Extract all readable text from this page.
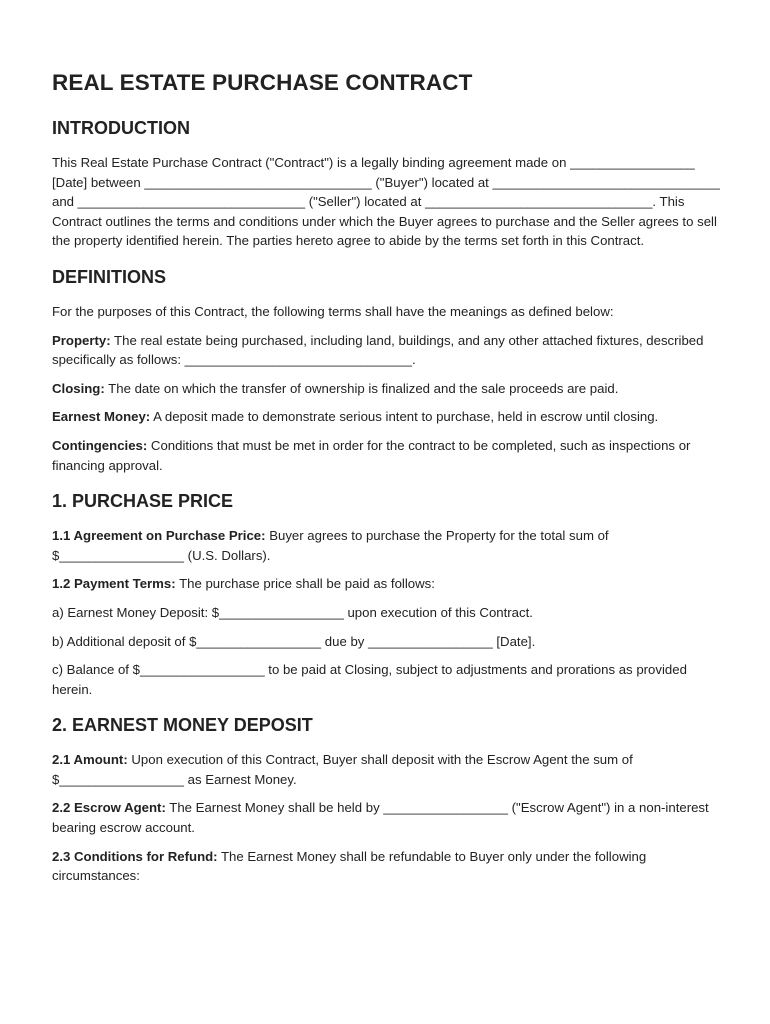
REAL ESTATE PURCHASE CONTRACT
INTRODUCTION

This Real Estate Purchase Contract ("Contract") is a legally binding agreement made on _________________ [Date] between _______________________________ ("Buyer") located at _______________________________ and _______________________________ ("Seller") located at _______________________________. This Contract outlines the terms and conditions under which the Buyer agrees to purchase and the Seller agrees to sell the property identified herein. The parties hereto agree to abide by the terms set forth in this Contract.

DEFINITIONS

For the purposes of this Contract, the following terms shall have the meanings as defined below:

Property: The real estate being purchased, including land, buildings, and any other attached fixtures, described specifically as follows: _______________________________.

Closing: The date on which the transfer of ownership is finalized and the sale proceeds are paid.

Earnest Money: A deposit made to demonstrate serious intent to purchase, held in escrow until closing.

Contingencies: Conditions that must be met in order for the contract to be completed, such as inspections or financing approval.

1. PURCHASE PRICE

1.1 Agreement on Purchase Price: Buyer agrees to purchase the Property for the total sum of $_________________ (U.S. Dollars).

1.2 Payment Terms: The purchase price shall be paid as follows:

a) Earnest Money Deposit: $_________________ upon execution of this Contract.

b) Additional deposit of $_________________ due by _________________ [Date].

c) Balance of $_________________ to be paid at Closing, subject to adjustments and prorations as provided herein.

2. EARNEST MONEY DEPOSIT

2.1 Amount: Upon execution of this Contract, Buyer shall deposit with the Escrow Agent the sum of $_________________ as Earnest Money.

2.2 Escrow Agent: The Earnest Money shall be held by _________________ ("Escrow Agent") in a non-interest bearing escrow account.

2.3 Conditions for Refund: The Earnest Money shall be refundable to Buyer only under the following circumstances:
